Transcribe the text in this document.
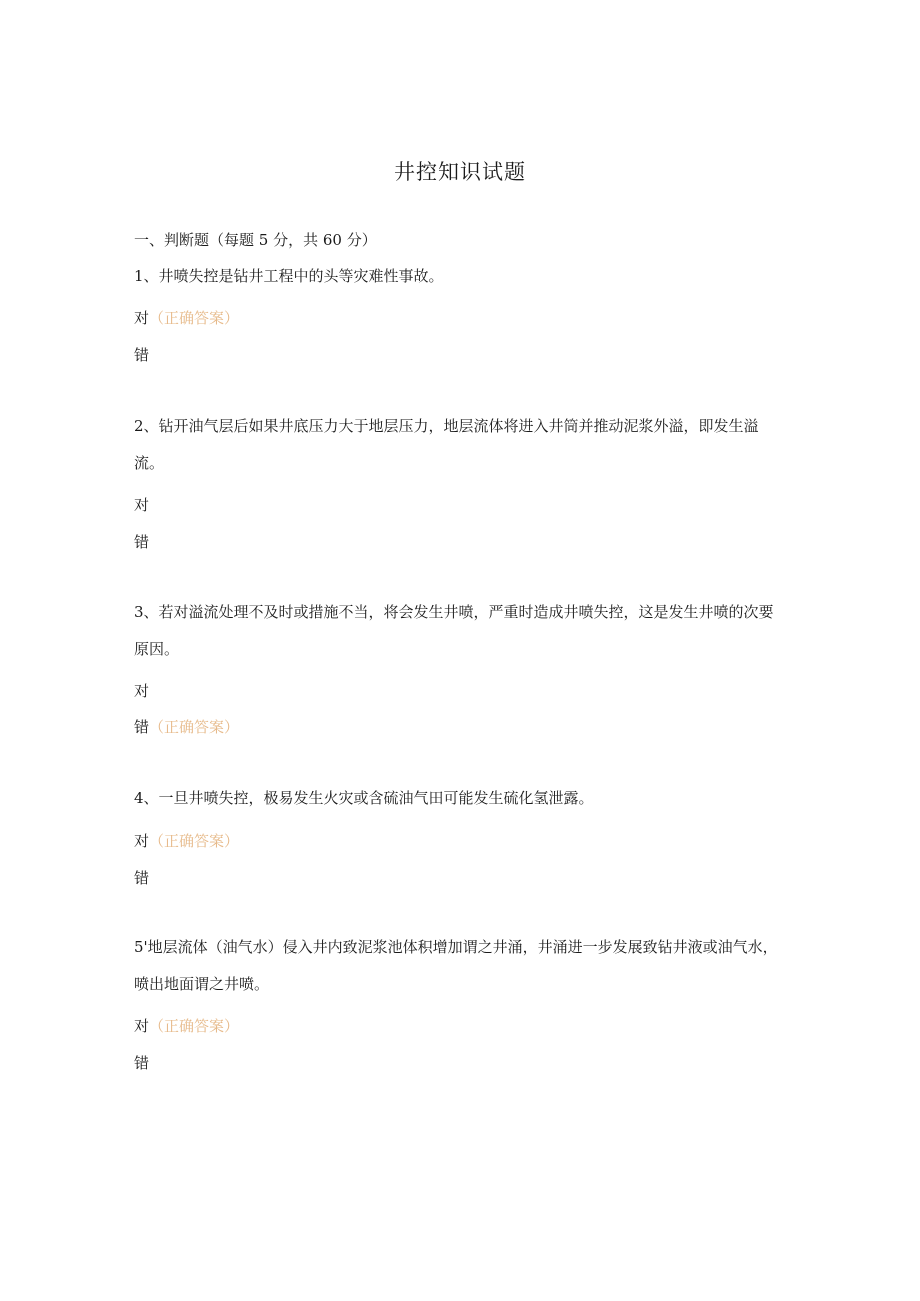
井控知识试题
一、判断题（每题 5 分，共 60 分）

1、井喷失控是钻井工程中的头等灾难性事故。

对（正确答案）
错

2、钻开油气层后如果井底压力大于地层压力，地层流体将进入井筒并推动泥浆外溢，即发生溢流。

对
错

3、若对溢流处理不及时或措施不当，将会发生井喷，严重时造成井喷失控，这是发生井喷的次要原因。

对
错（正确答案）

4、一旦井喷失控，极易发生火灾或含硫油气田可能发生硫化氢泄露。

对（正确答案）
错

5'地层流体（油气水）侵入井内致泥浆池体积增加谓之井涌，井涌进一步发展致钻井液或油气水，喷出地面谓之井喷。

对（正确答案）
错
